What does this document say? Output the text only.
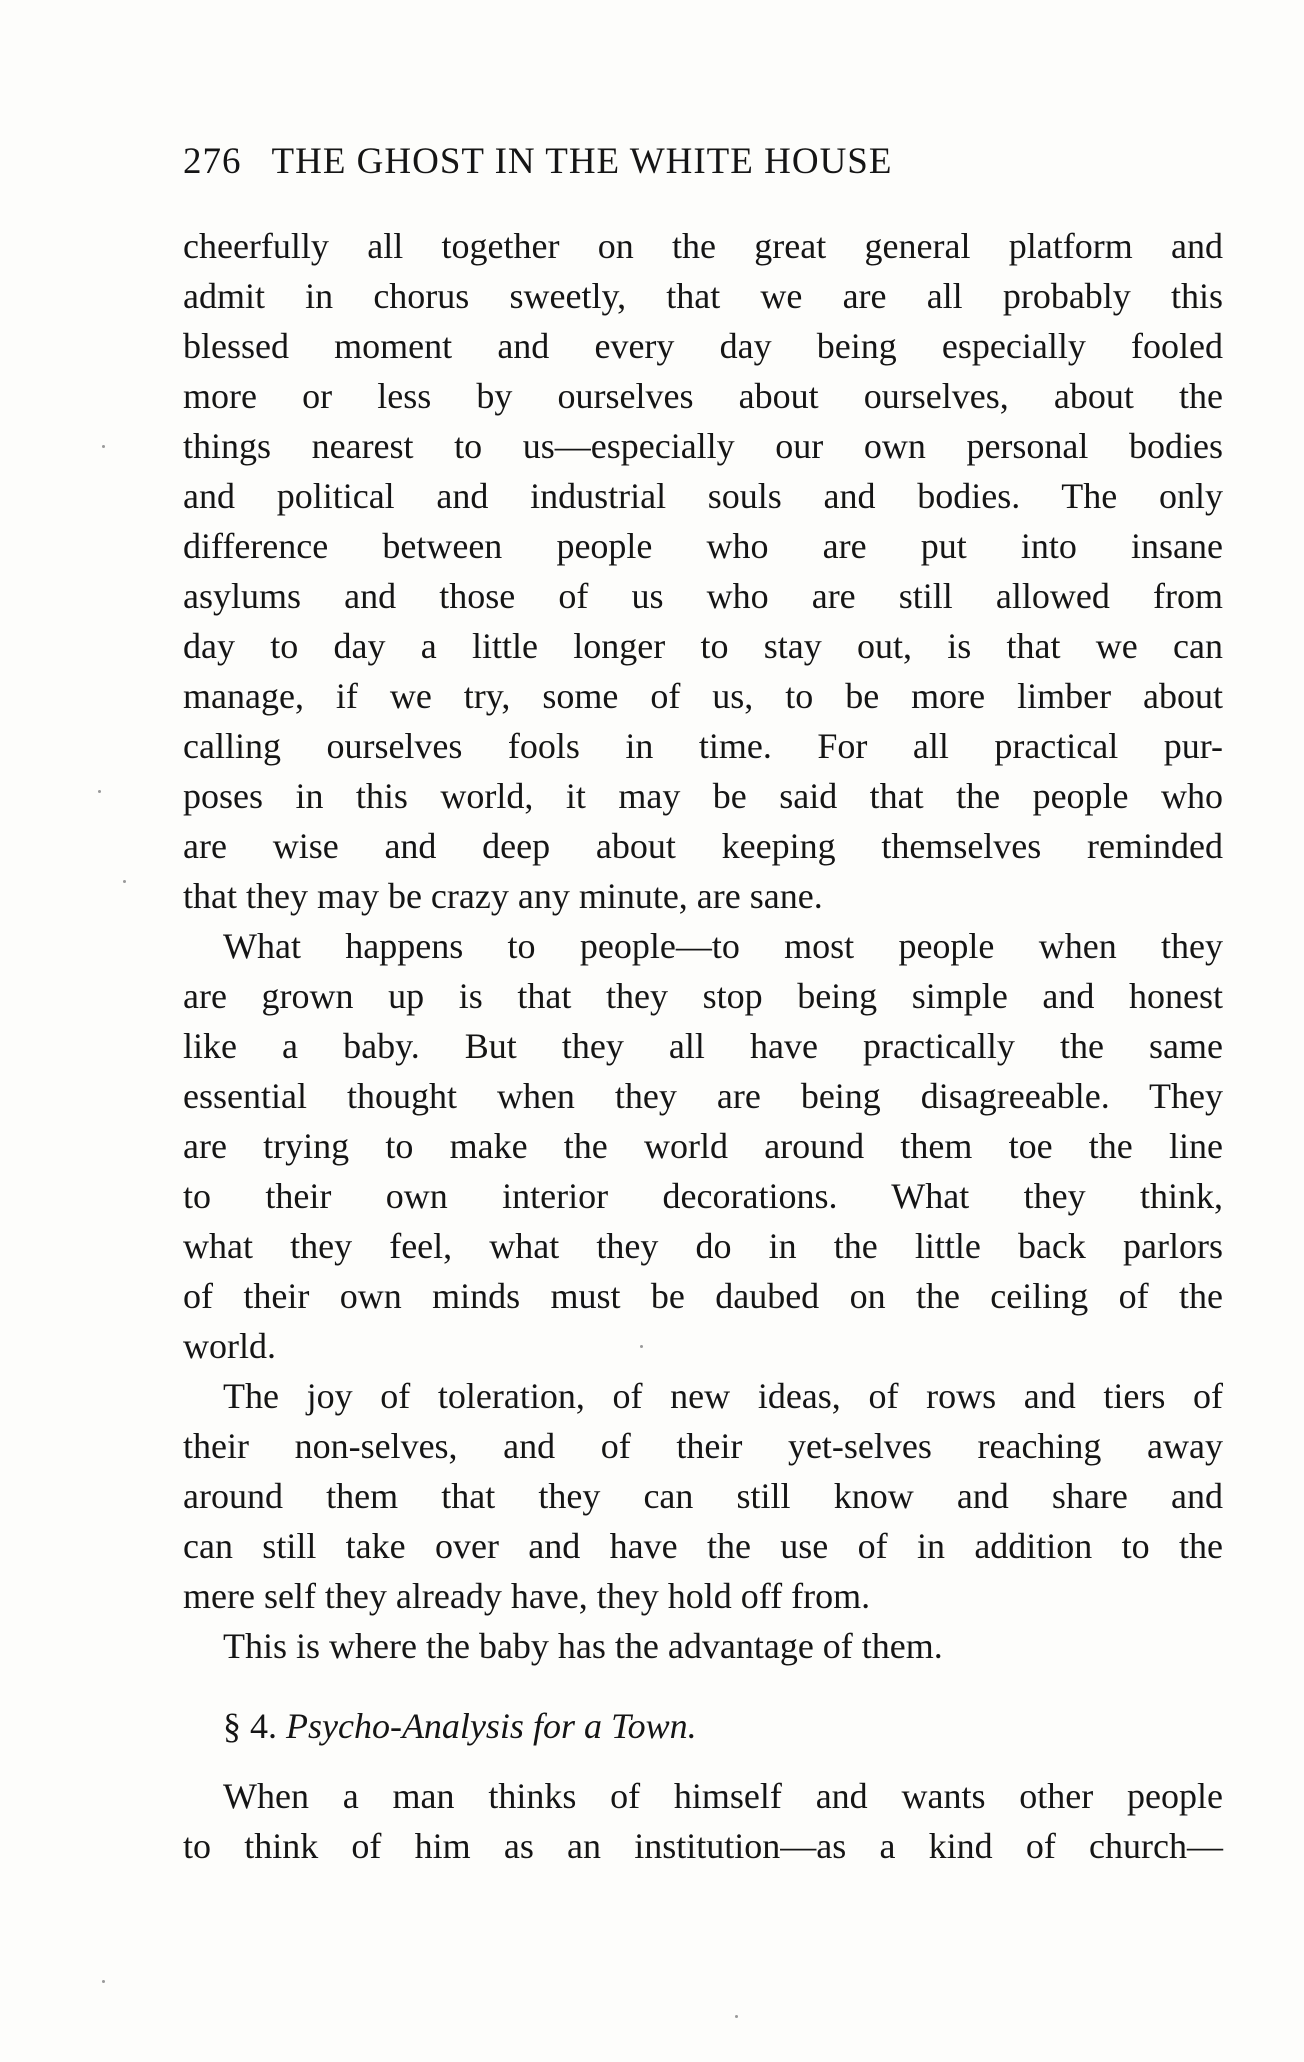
276 THE GHOST IN THE WHITE HOUSE
cheerfully all together on the great general platform and
admit in chorus sweetly, that we are all probably this
blessed moment and every day being especially fooled
more or less by ourselves about ourselves, about the
things nearest to us—especially our own personal bodies
and political and industrial souls and bodies. The only
difference between people who are put into insane
asylums and those of us who are still allowed from
day to day a little longer to stay out, is that we can
manage, if we try, some of us, to be more limber about
calling ourselves fools in time. For all practical pur-
poses in this world, it may be said that the people who
are wise and deep about keeping themselves reminded
that they may be crazy any minute, are sane.
What happens to people—to most people when they
are grown up is that they stop being simple and honest
like a baby. But they all have practically the same
essential thought when they are being disagreeable. They
are trying to make the world around them toe the line
to their own interior decorations. What they think,
what they feel, what they do in the little back parlors
of their own minds must be daubed on the ceiling of the
world.
The joy of toleration, of new ideas, of rows and tiers of
their non-selves, and of their yet-selves reaching away
around them that they can still know and share and
can still take over and have the use of in addition to the
mere self they already have, they hold off from.
This is where the baby has the advantage of them.
§ 4. Psycho-Analysis for a Town.
When a man thinks of himself and wants other people
to think of him as an institution—as a kind of church—
